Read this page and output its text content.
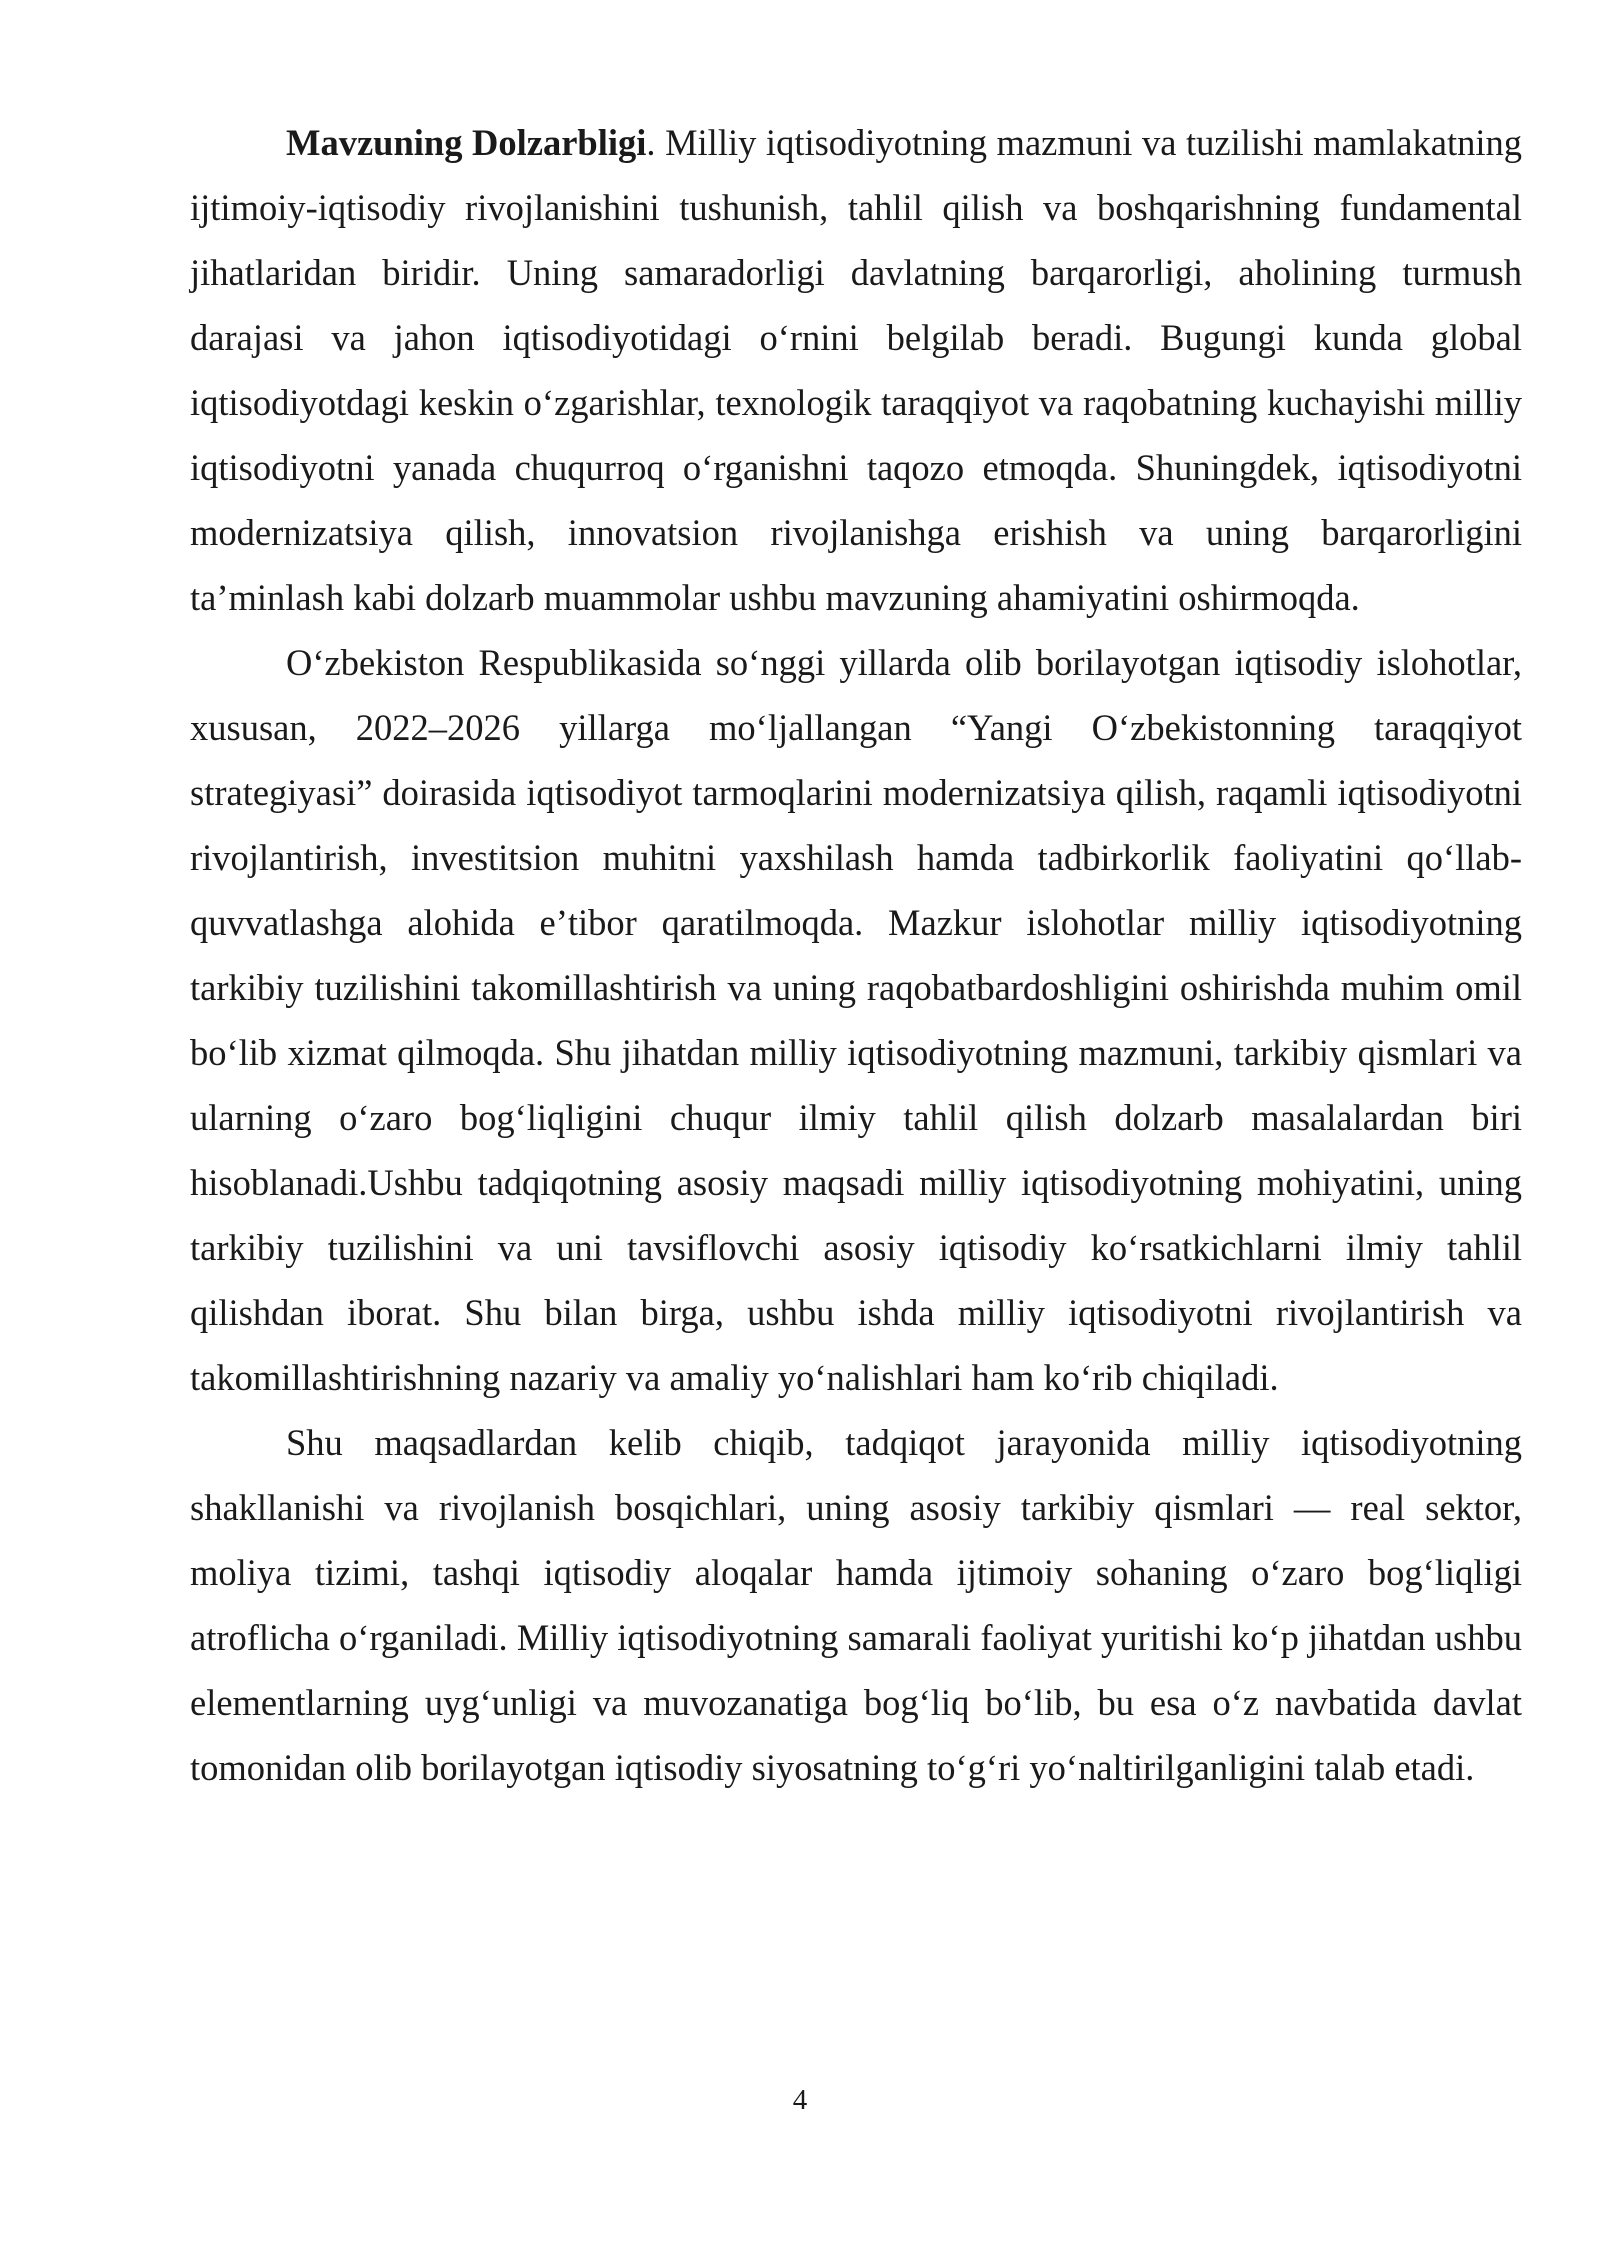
Mavzuning Dolzarbligi. Milliy iqtisodiyotning mazmuni va tuzilishi mamlakatning ijtimoiy-iqtisodiy rivojlanishini tushunish, tahlil qilish va boshqarishning fundamental jihatlaridan biridir. Uning samaradorligi davlatning barqarorligi, aholining turmush darajasi va jahon iqtisodiyotidagi oʻrnini belgilab beradi. Bugungi kunda global iqtisodiyotdagi keskin oʻzgarishlar, texnologik taraqqiyot va raqobatning kuchayishi milliy iqtisodiyotni yanada chuqurroq oʻrganishni taqozo etmoqda. Shuningdek, iqtisodiyotni modernizatsiya qilish, innovatsion rivojlanishga erishish va uning barqarorligini taʼminlash kabi dolzarb muammolar ushbu mavzuning ahamiyatini oshirmoqda.

Oʻzbekiston Respublikasida soʻnggi yillarda olib borilayotgan iqtisodiy islohotlar, xususan, 2022–2026 yillarga moʻljallangan “Yangi Oʻzbekistonning taraqqiyot strategiyasi” doirasida iqtisodiyot tarmoqlarini modernizatsiya qilish, raqamli iqtisodiyotni rivojlantirish, investitsion muhitni yaxshilash hamda tadbirkorlik faoliyatini qoʻllab-quvvatlashga alohida eʼtibor qaratilmoqda. Mazkur islohotlar milliy iqtisodiyotning tarkibiy tuzilishini takomillashtirish va uning raqobatbardoshligini oshirishda muhim omil boʻlib xizmat qilmoqda. Shu jihatdan milliy iqtisodiyotning mazmuni, tarkibiy qismlari va ularning oʻzaro bogʻliqligini chuqur ilmiy tahlil qilish dolzarb masalalardan biri hisoblanadi.Ushbu tadqiqotning asosiy maqsadi milliy iqtisodiyotning mohiyatini, uning tarkibiy tuzilishini va uni tavsiflovchi asosiy iqtisodiy koʻrsatkichlarni ilmiy tahlil qilishdan iborat. Shu bilan birga, ushbu ishda milliy iqtisodiyotni rivojlantirish va takomillashtirishning nazariy va amaliy yoʻnalishlari ham koʻrib chiqiladi.

Shu maqsadlardan kelib chiqib, tadqiqot jarayonida milliy iqtisodiyotning shakllanishi va rivojlanish bosqichlari, uning asosiy tarkibiy qismlari — real sektor, moliya tizimi, tashqi iqtisodiy aloqalar hamda ijtimoiy sohaning oʻzaro bogʻliqligi atroflicha oʻrganiladi. Milliy iqtisodiyotning samarali faoliyat yuritishi koʻp jihatdan ushbu elementlarning uygʻunligi va muvozanatiga bogʻliq boʻlib, bu esa oʻz navbatida davlat tomonidan olib borilayotgan iqtisodiy siyosatning toʻgʻri yoʻnaltirilganligini talab etadi.

4
